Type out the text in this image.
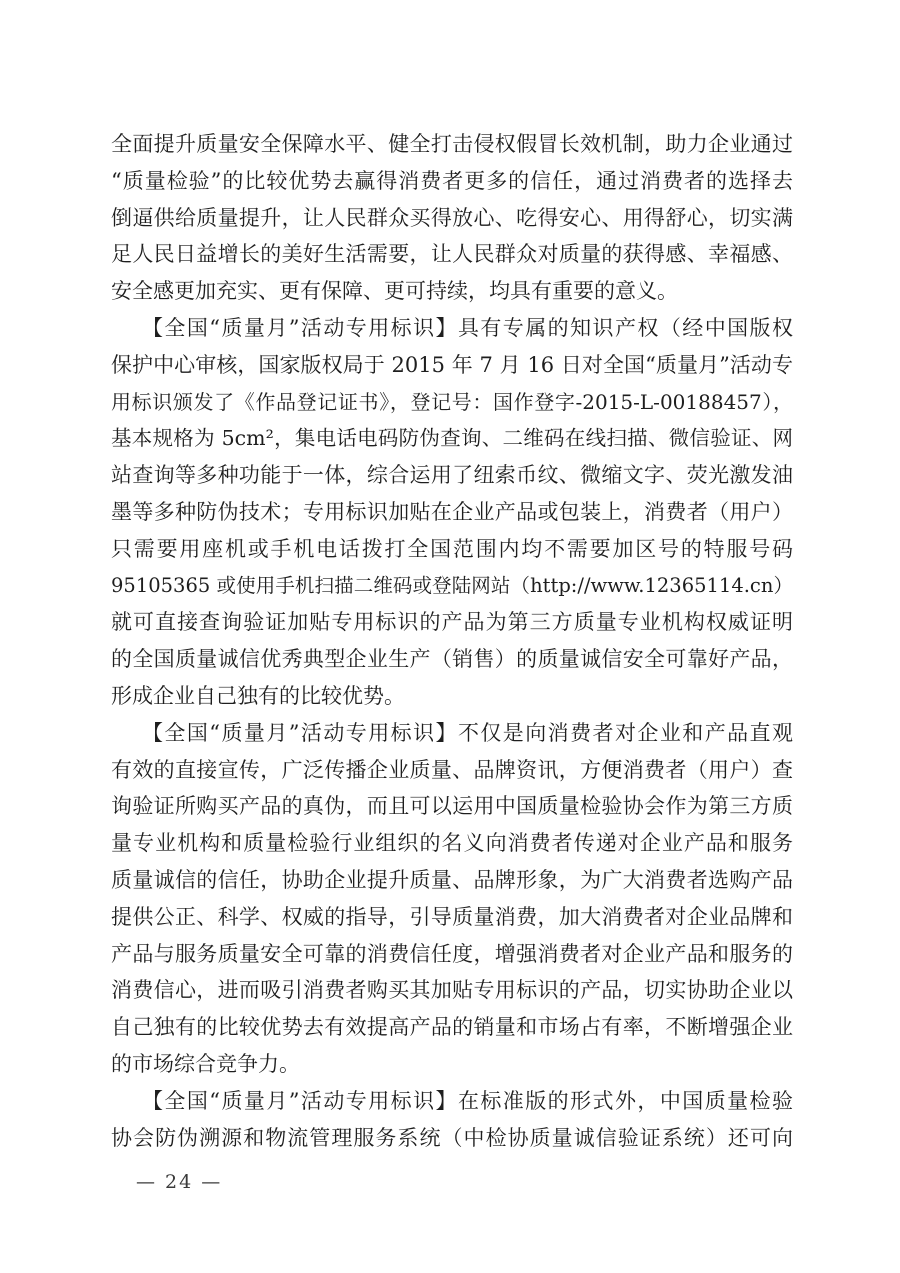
全面提升质量安全保障水平、健全打击侵权假冒长效机制，助力企业通过
“质量检验”的比较优势去赢得消费者更多的信任，通过消费者的选择去
倒逼供给质量提升，让人民群众买得放心、吃得安心、用得舒心，切实满
足人民日益增长的美好生活需要，让人民群众对质量的获得感、幸福感、
安全感更加充实、更有保障、更可持续，均具有重要的意义。
【全国“质量月”活动专用标识】具有专属的知识产权（经中国版权
保护中心审核，国家版权局于 2015 年 7 月 16 日对全国“质量月”活动专
用标识颁发了《作品登记证书》，登记号：国作登字-2015-L-00188457），
基本规格为 5cm²，集电话电码防伪查询、二维码在线扫描、微信验证、网
站查询等多种功能于一体，综合运用了纽索币纹、微缩文字、荧光激发油
墨等多种防伪技术；专用标识加贴在企业产品或包装上，消费者（用户）
只需要用座机或手机电话拨打全国范围内均不需要加区号的特服号码
95105365 或使用手机扫描二维码或登陆网站（http://www.12365114.cn）
就可直接查询验证加贴专用标识的产品为第三方质量专业机构权威证明
的全国质量诚信优秀典型企业生产（销售）的质量诚信安全可靠好产品，
形成企业自己独有的比较优势。
【全国“质量月”活动专用标识】不仅是向消费者对企业和产品直观
有效的直接宣传，广泛传播企业质量、品牌资讯，方便消费者（用户）查
询验证所购买产品的真伪，而且可以运用中国质量检验协会作为第三方质
量专业机构和质量检验行业组织的名义向消费者传递对企业产品和服务
质量诚信的信任，协助企业提升质量、品牌形象，为广大消费者选购产品
提供公正、科学、权威的指导，引导质量消费，加大消费者对企业品牌和
产品与服务质量安全可靠的消费信任度，增强消费者对企业产品和服务的
消费信心，进而吸引消费者购买其加贴专用标识的产品，切实协助企业以
自己独有的比较优势去有效提高产品的销量和市场占有率，不断增强企业
的市场综合竞争力。
【全国“质量月”活动专用标识】在标准版的形式外，中国质量检验
协会防伪溯源和物流管理服务系统（中检协质量诚信验证系统）还可向
— 24 —
